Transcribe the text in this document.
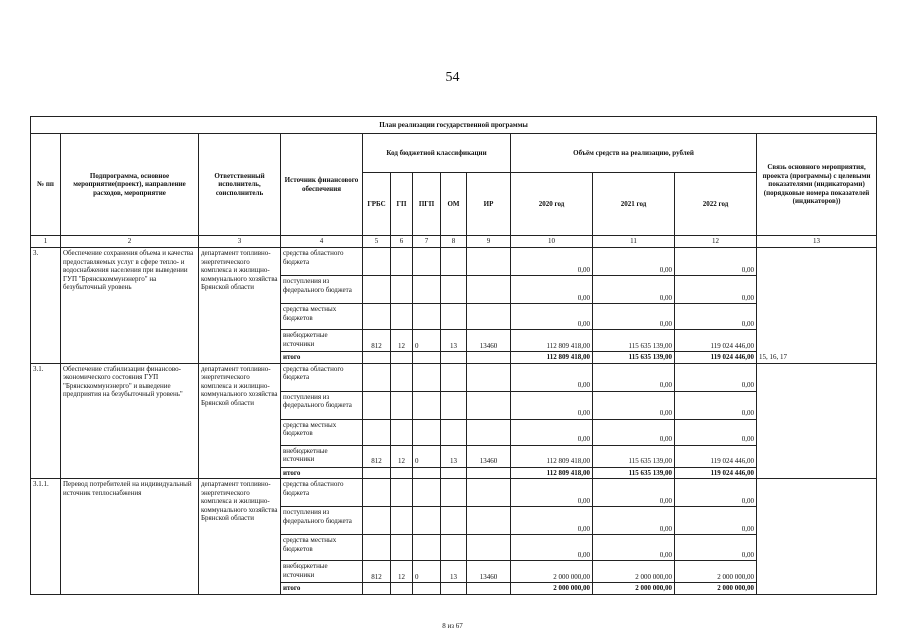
54
План реализации государственной программы												
№ пп	Подпрограмма, основное мероприятие(проект), направление расходов, мероприятие	Ответственный исполнитель, соисполнитель	Источник финансового обеспечения	Код бюджетной классификации					Объём средств на реализацию, рублей			Связь основного мероприятия, проекта (программы) с целевыми показателями (индикаторами) (порядковые номера показателей (индикаторов))
				ГРБС	ГП	ПГП	ОМ	ИР	2020 год	2021 год	2022 год	
1	2	3	4	5	6	7	8	9	10	11	12	13
3.	Обеспечение сохранения объема и качества предоставляемых услуг в сфере тепло- и водоснабжения населения при выведении ГУП "Брянсккоммунэнерго" на безубыточный уровень	департамент топливно-энергетического комплекса и жилищно-коммунального хозяйства Брянской области	средства областного бюджета						0,00	0,00	0,00	15, 16, 17
			поступления из федерального бюджета						0,00	0,00	0,00	
			средства местных бюджетов						0,00	0,00	0,00	
			внебюджетные источники	812	12	0	13	13460	112 809 418,00	115 635 139,00	119 024 446,00	
			итого						112 809 418,00	115 635 139,00	119 024 446,00	
3.1.	Обеспечение стабилизации финансово-экономического состояния ГУП "Брянсккоммунэнерго" и выведение предприятия на безубыточный уровень"	департамент топливно-энергетического комплекса и жилищно-коммунального хозяйства Брянской области	средства областного бюджета						0,00	0,00	0,00	
			поступления из федерального бюджета						0,00	0,00	0,00	
			средства местных бюджетов						0,00	0,00	0,00	
			внебюджетные источники	812	12	0	13	13460	112 809 418,00	115 635 139,00	119 024 446,00	
			итого						112 809 418,00	115 635 139,00	119 024 446,00	
3.1.1.	Перевод потребителей на индивидуальный источник теплоснабжения	департамент топливно-энергетического комплекса и жилищно-коммунального хозяйства Брянской области	средства областного бюджета						0,00	0,00	0,00	
			поступления из федерального бюджета						0,00	0,00	0,00	
			средства местных бюджетов						0,00	0,00	0,00	
			внебюджетные источники	812	12	0	13	13460	2 000 000,00	2 000 000,00	2 000 000,00	
			итого						2 000 000,00	2 000 000,00	2 000 000,00	
8 из 67
